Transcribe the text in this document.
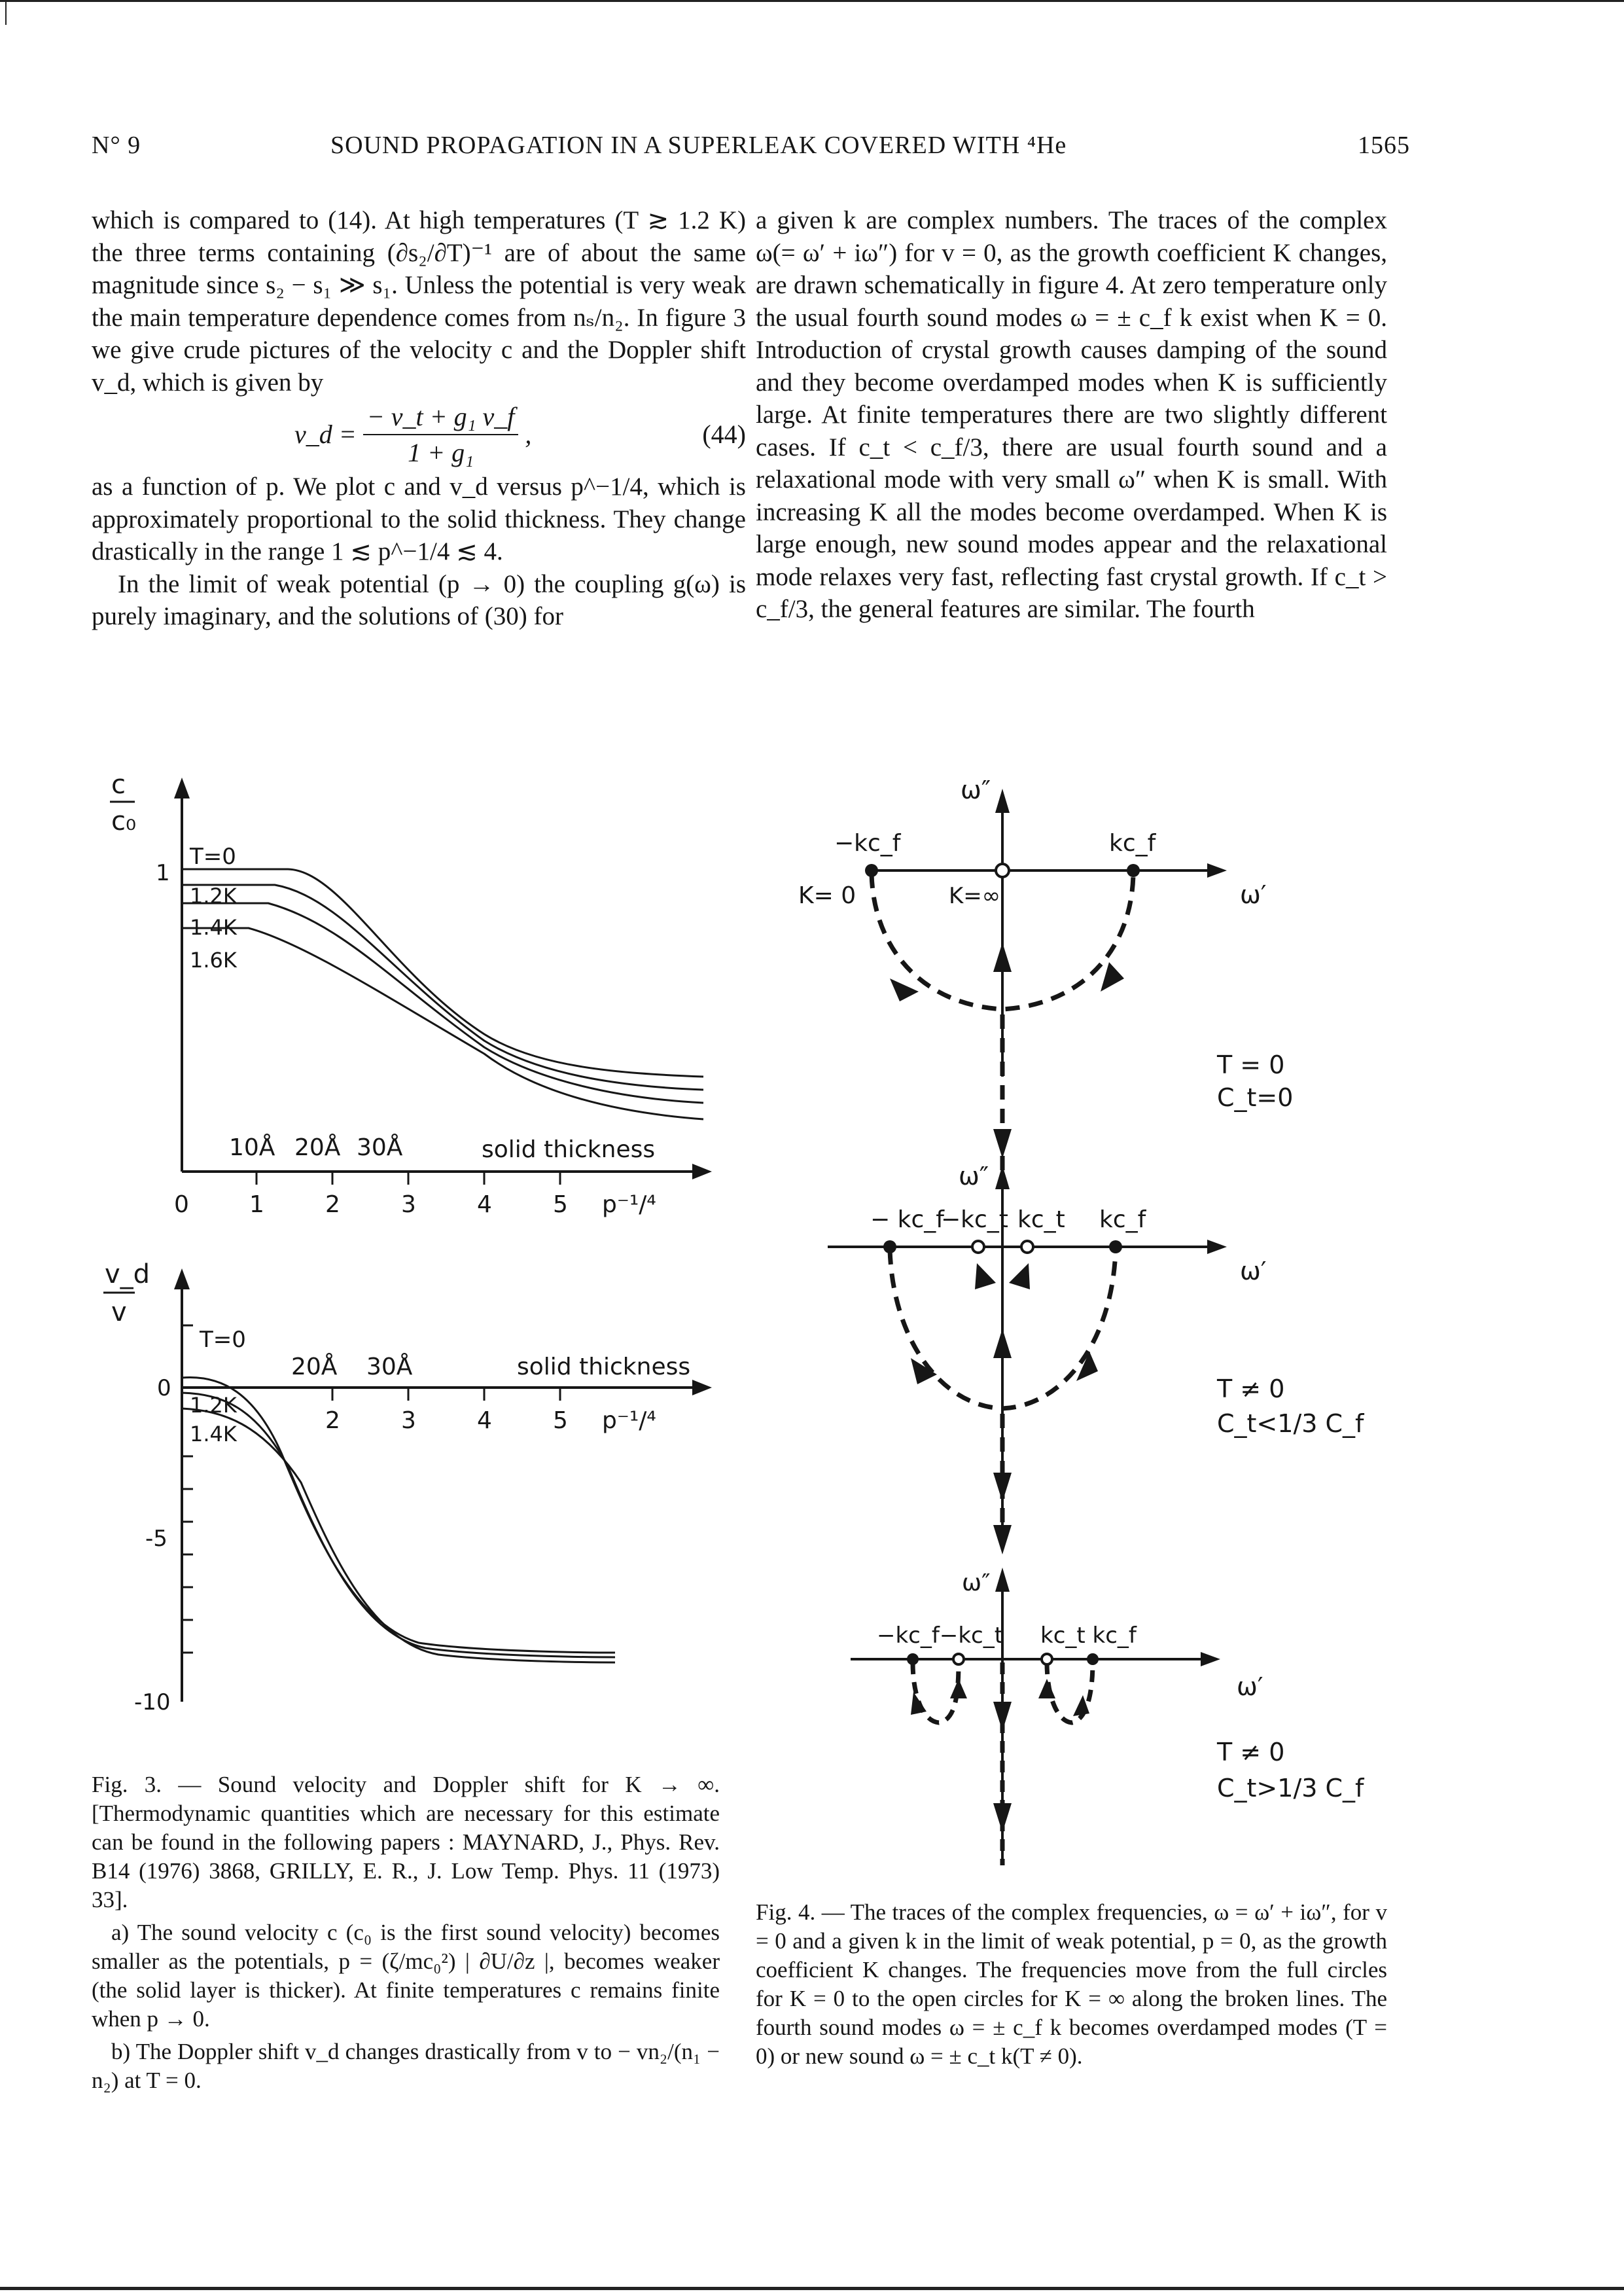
N° 9	SOUND PROPAGATION IN A SUPERLEAK COVERED WITH ⁴He	1565

which is compared to (14). At high temperatures (T ≳ 1.2 K) the three terms containing (∂s₂/∂T)⁻¹ are of about the same magnitude since s₂ − s₁ ≫ s₁. Unless the potential is very weak the main temperature dependence comes from nₛ/n₂. In figure 3 we give crude pictures of the velocity c and the Doppler shift v_d, which is given by

v_d = $\frac{\text{− v\_t + g₁ v\_f}}{\text{1 + g₁}}$ ,	(44)

as a function of p. We plot c and v_d versus p^−1/4, which is approximately proportional to the solid thickness. They change drastically in the range 1 ≲ p^−1/4 ≲ 4.

In the limit of weak potential (p → 0) the coupling g(ω) is purely imaginary, and the solutions of (30) for

a given k are complex numbers. The traces of the complex ω(= ω′ + iω″) for v = 0, as the growth coefficient K changes, are drawn schematically in figure 4. At zero temperature only the usual fourth sound modes ω = ± c_f k exist when K = 0. Introduction of crystal growth causes damping of the sound and they become overdamped modes when K is sufficiently large. At finite temperatures there are two slightly different cases. If c_t < c_f/3, there are usual fourth sound and a relaxational mode with very small ω″ when K is small. With increasing K all the modes become overdamped. When K is large enough, new sound modes appear and the relaxational mode relaxes very fast, reflecting fast crystal growth. If c_t > c_f/3, the general features are similar. The fourth

c
c₀
1
T=0
1.2K
1.4K
1.6K
10Å 20Å 30Å	solid thickness
0	1	2	3	4	5 p⁻¹/⁴
v_d
v
0
-5
-10
T=0
1.2K
1.4K
20Å 30Å	solid thickness
2	3	4	5 p⁻¹/⁴

Fig. 3. — Sound velocity and Doppler shift for K → ∞. [Thermodynamic quantities which are necessary for this estimate can be found in the following papers : MAYNARD, J., Phys. Rev. B14 (1976) 3868, GRILLY, E. R., J. Low Temp. Phys. 11 (1973) 33].

a) The sound velocity c (c₀ is the first sound velocity) becomes smaller as the potentials, p = (ζ/mc₀²) | ∂U/∂z |, becomes weaker (the solid layer is thicker). At finite temperatures c remains finite when p → 0.

b) The Doppler shift v_d changes drastically from v to − vn₂/(n₁ − n₂) at T = 0.

ω″
ω′
−kc_f	kc_f
K= 0	K=∞
T = 0
C_t=0
ω″
ω′
− kc_f
−kc_t kc_t kc_f
T ≠ 0
C_t<1/3 C_f
ω″
ω′
−kc_f−kc_t kc_t kc_f
T ≠ 0
C_t>1/3 C_f

Fig. 4. — The traces of the complex frequencies, ω = ω′ + iω″, for v = 0 and a given k in the limit of weak potential, p = 0, as the growth coefficient K changes. The frequencies move from the full circles for K = 0 to the open circles for K = ∞ along the broken lines. The fourth sound modes ω = ± c_f k becomes overdamped modes (T = 0) or new sound ω = ± c_t k(T ≠ 0).
